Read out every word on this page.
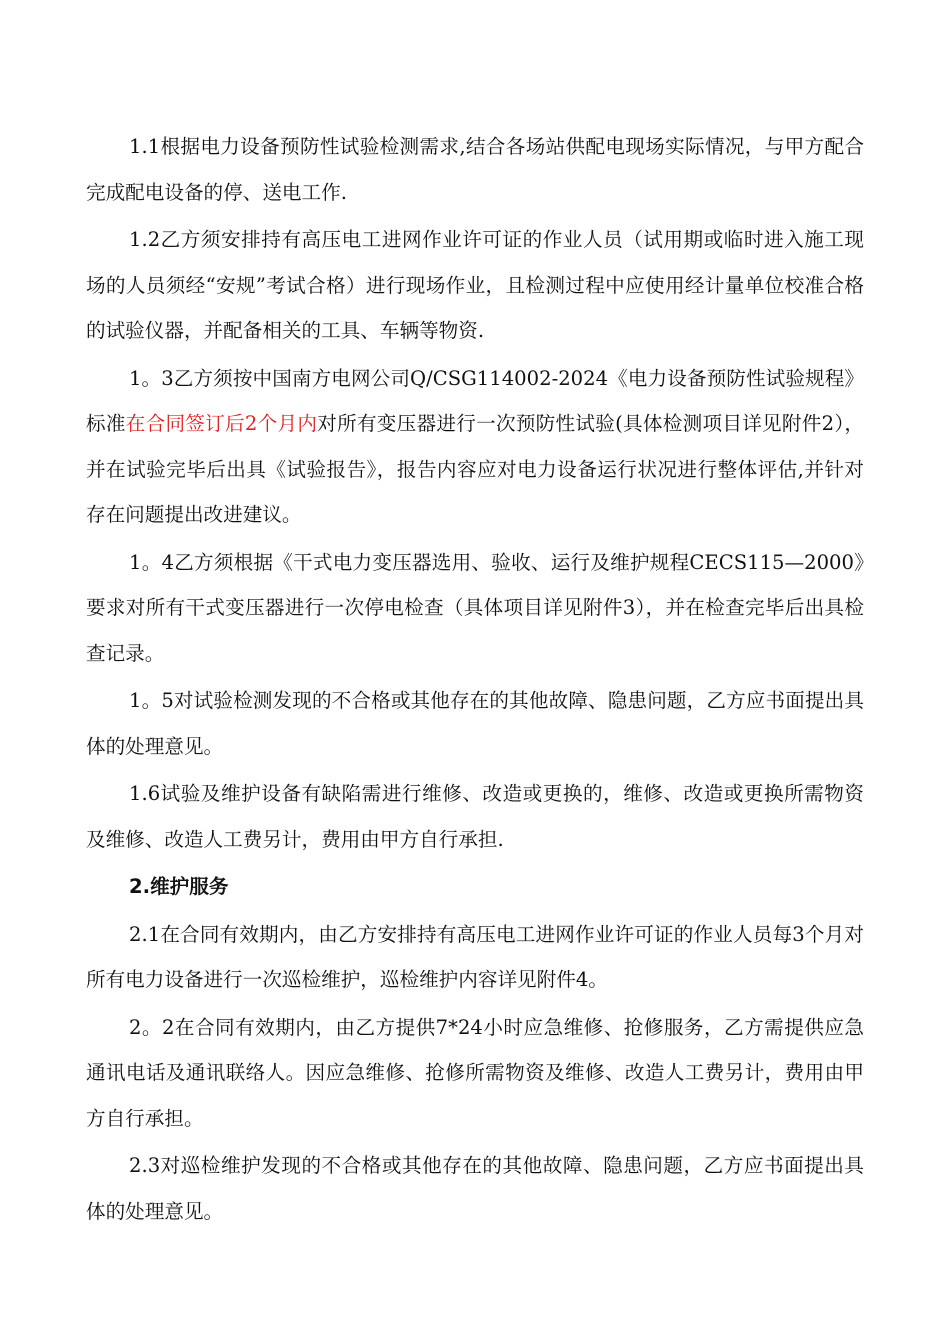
1.1根据电力设备预防性试验检测需求,结合各场站供配电现场实际情况，与甲方配合完成配电设备的停、送电工作.

1.2乙方须安排持有高压电工进网作业许可证的作业人员（试用期或临时进入施工现场的人员须经“安规”考试合格）进行现场作业，且检测过程中应使用经计量单位校准合格的试验仪器，并配备相关的工具、车辆等物资.

1。3乙方须按中国南方电网公司Q/CSG114002-2024《电力设备预防性试验规程》标准在合同签订后2个月内对所有变压器进行一次预防性试验(具体检测项目详见附件2），并在试验完毕后出具《试验报告》，报告内容应对电力设备运行状况进行整体评估,并针对存在问题提出改进建议。

1。4乙方须根据《干式电力变压器选用、验收、运行及维护规程CECS115—2000》要求对所有干式变压器进行一次停电检查（具体项目详见附件3），并在检查完毕后出具检查记录。

1。5对试验检测发现的不合格或其他存在的其他故障、隐患问题，乙方应书面提出具体的处理意见。

1.6试验及维护设备有缺陷需进行维修、改造或更换的，维修、改造或更换所需物资及维修、改造人工费另计，费用由甲方自行承担.

2.维护服务

2.1在合同有效期内，由乙方安排持有高压电工进网作业许可证的作业人员每3个月对所有电力设备进行一次巡检维护，巡检维护内容详见附件4。

2。2在合同有效期内，由乙方提供7*24小时应急维修、抢修服务，乙方需提供应急通讯电话及通讯联络人。因应急维修、抢修所需物资及维修、改造人工费另计，费用由甲方自行承担。

2.3对巡检维护发现的不合格或其他存在的其他故障、隐患问题，乙方应书面提出具体的处理意见。
